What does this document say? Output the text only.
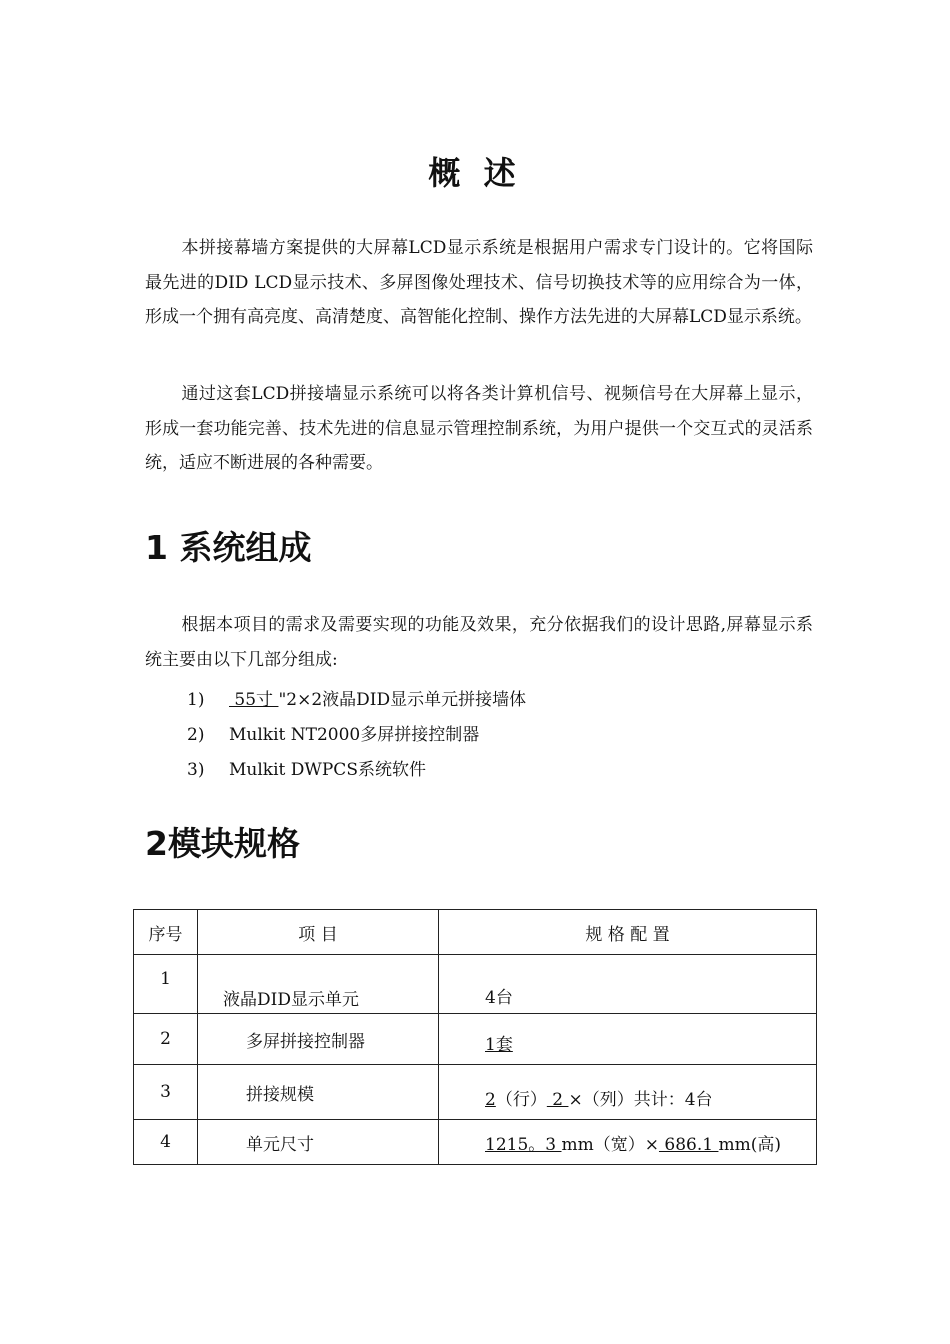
概 述

本拼接幕墙方案提供的大屏幕LCD显示系统是根据用户需求专门设计的。它将国际最先进的DID LCD显示技术、多屏图像处理技术、信号切换技术等的应用综合为一体，形成一个拥有高亮度、高清楚度、高智能化控制、操作方法先进的大屏幕LCD显示系统。

通过这套LCD拼接墙显示系统可以将各类计算机信号、视频信号在大屏幕上显示，形成一套功能完善、技术先进的信息显示管理控制系统，为用户提供一个交互式的灵活系统，适应不断进展的各种需要。

1 系统组成

根据本项目的需求及需要实现的功能及效果，充分依据我们的设计思路,屏幕显示系统主要由以下几部分组成:

1) 55寸 "2×2液晶DID显示单元拼接墙体
2) Mulkit NT2000多屏拼接控制器
3) Mulkit DWPCS系统软件
2模块规格
序号	项 目	规 格 配 置
1	液晶DID显示单元	4台
2	多屏拼接控制器	1套
3	拼接规模	2（行） 2 ×（列）共计：4台
4	单元尺寸	1215。3 mm（宽）× 686.1 mm(高)
